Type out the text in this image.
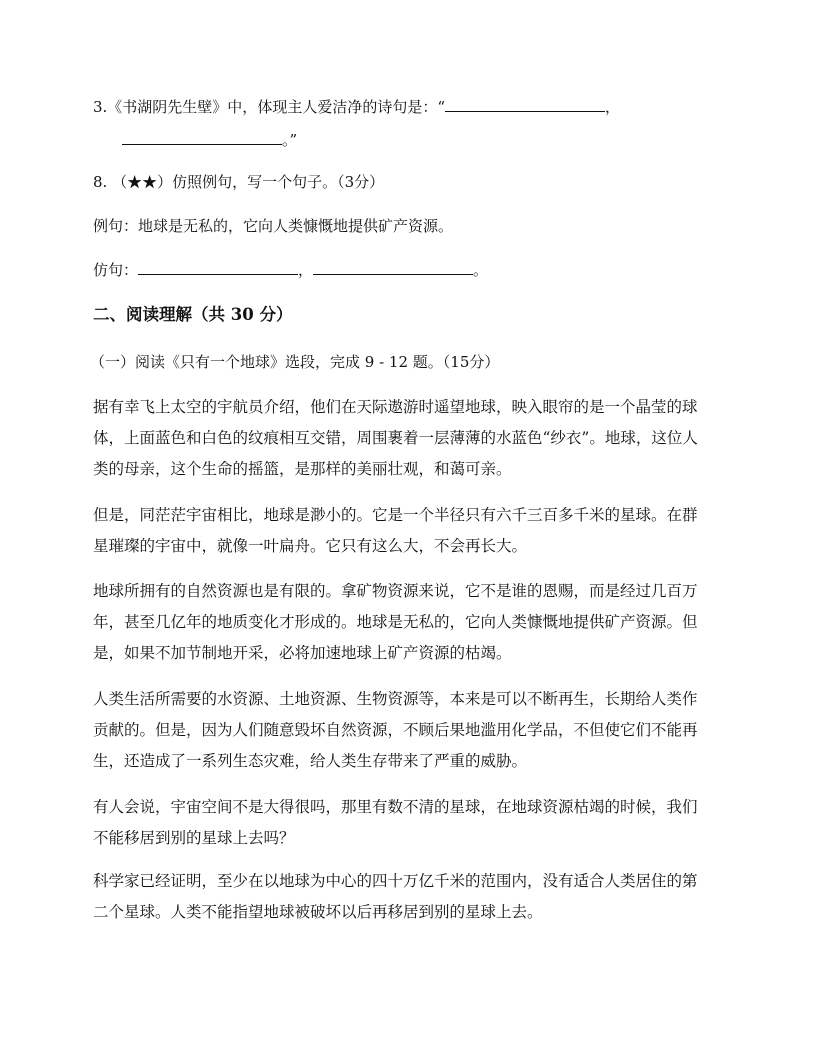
3.《书湖阴先生壁》中，体现主人爱洁净的诗句是：“	，
。”
8. （★★）仿照例句，写一个句子。（3分）
例句：地球是无私的，它向人类慷慨地提供矿产资源。
仿句：	，	。
二、阅读理解（共 30 分）
（一）阅读《只有一个地球》选段，完成 9 - 12 题。（15分）
据有幸飞上太空的宇航员介绍，他们在天际遨游时遥望地球，映入眼帘的是一个晶莹的球
体，上面蓝色和白色的纹痕相互交错，周围裹着一层薄薄的水蓝色“纱衣”。地球，这位人
类的母亲，这个生命的摇篮，是那样的美丽壮观，和蔼可亲。
但是，同茫茫宇宙相比，地球是渺小的。它是一个半径只有六千三百多千米的星球。在群
星璀璨的宇宙中，就像一叶扁舟。它只有这么大，不会再长大。
地球所拥有的自然资源也是有限的。拿矿物资源来说，它不是谁的恩赐，而是经过几百万
年，甚至几亿年的地质变化才形成的。地球是无私的，它向人类慷慨地提供矿产资源。但
是，如果不加节制地开采，必将加速地球上矿产资源的枯竭。
人类生活所需要的水资源、土地资源、生物资源等，本来是可以不断再生，长期给人类作
贡献的。但是，因为人们随意毁坏自然资源，不顾后果地滥用化学品，不但使它们不能再
生，还造成了一系列生态灾难，给人类生存带来了严重的威胁。
有人会说，宇宙空间不是大得很吗，那里有数不清的星球，在地球资源枯竭的时候，我们
不能移居到别的星球上去吗？
科学家已经证明，至少在以地球为中心的四十万亿千米的范围内，没有适合人类居住的第
二个星球。人类不能指望地球被破坏以后再移居到别的星球上去。
